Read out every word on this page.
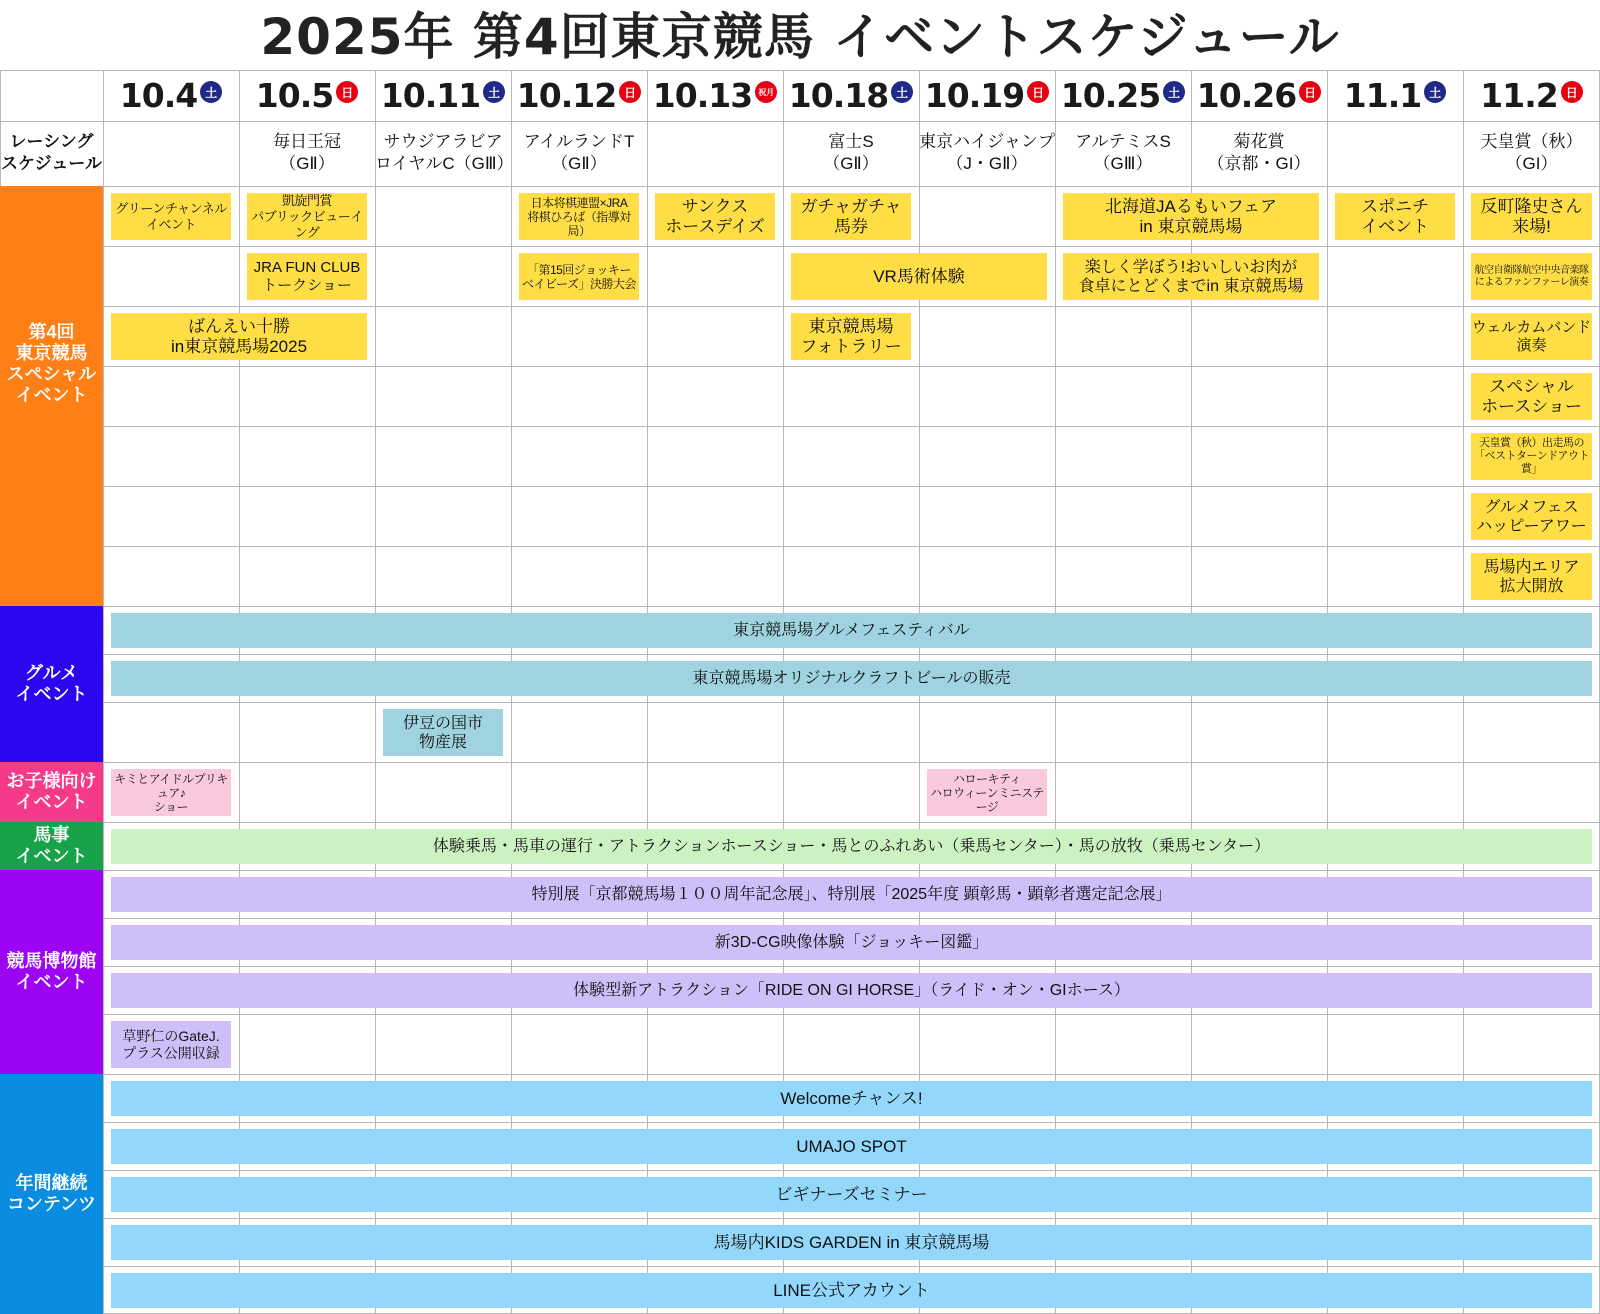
2025年 第4回東京競馬 イベントスケジュール
レーシング
スケジュール
第4回
東京競馬
スペシャル
イベント
グルメ
イベント
お子様向け
イベント
馬事
イベント
競馬博物館
イベント
年間継続
コンテンツ
10.4 土 10.5 日 10.11 土 10.12 日 10.13 祝月 10.18 土 10.19 日 10.25 土 10.26 日 11.1 土 11.2 日
毎日王冠
（GⅡ）
サウジアラビア
ロイヤルC（GⅢ）
アイルランドT
（GⅡ）
富士S
（GⅡ）
東京ハイジャンプ
（J・GⅡ）
アルテミスS
（GⅢ）
菊花賞
（京都・GI）
天皇賞（秋）
（GI）
グリーンチャンネル
イベント
凱旋門賞
パブリックビューイング
日本将棋連盟×JRA
将棋ひろば（指導対局）
サンクス
ホースデイズ
ガチャガチャ
馬券
北海道JAるもいフェア
in 東京競馬場
スポニチ
イベント
反町隆史さん
来場!
JRA FUN CLUB
トークショー
「第15回ジョッキー
ベイビーズ」決勝大会	VR馬術体験	楽しく学ぼう!おいしいお肉が
食卓にとどくまでin 東京競馬場
航空自衛隊航空中央音楽隊
によるファンファーレ演奏
ばんえい十勝
in東京競馬場2025
東京競馬場
フォトラリー
ウェルカムバンド
演奏
スペシャル
ホースショー
天皇賞（秋）出走馬の
「ベストターンドアウト賞」
グルメフェス
ハッピーアワー
馬場内エリア
拡大開放
東京競馬場グルメフェスティバル
東京競馬場オリジナルクラフトビールの販売
伊豆の国市
物産展
キミとアイドルプリキュア♪
ショー
ハローキティ
ハロウィーンミニステージ
体験乗馬・馬車の運行・アトラクションホースショー・馬とのふれあい（乗馬センター）・馬の放牧（乗馬センター）
特別展「京都競馬場１００周年記念展」、特別展「2025年度 顕彰馬・顕彰者選定記念展」
新3D-CG映像体験「ジョッキー図鑑」
体験型新アトラクション「RIDE ON GI HORSE」（ライド・オン・GIホース）
草野仁のGateJ.
プラス公開収録
Welcomeチャンス!
UMAJO SPOT
ビギナーズセミナー
馬場内KIDS GARDEN in 東京競馬場
LINE公式アカウント
